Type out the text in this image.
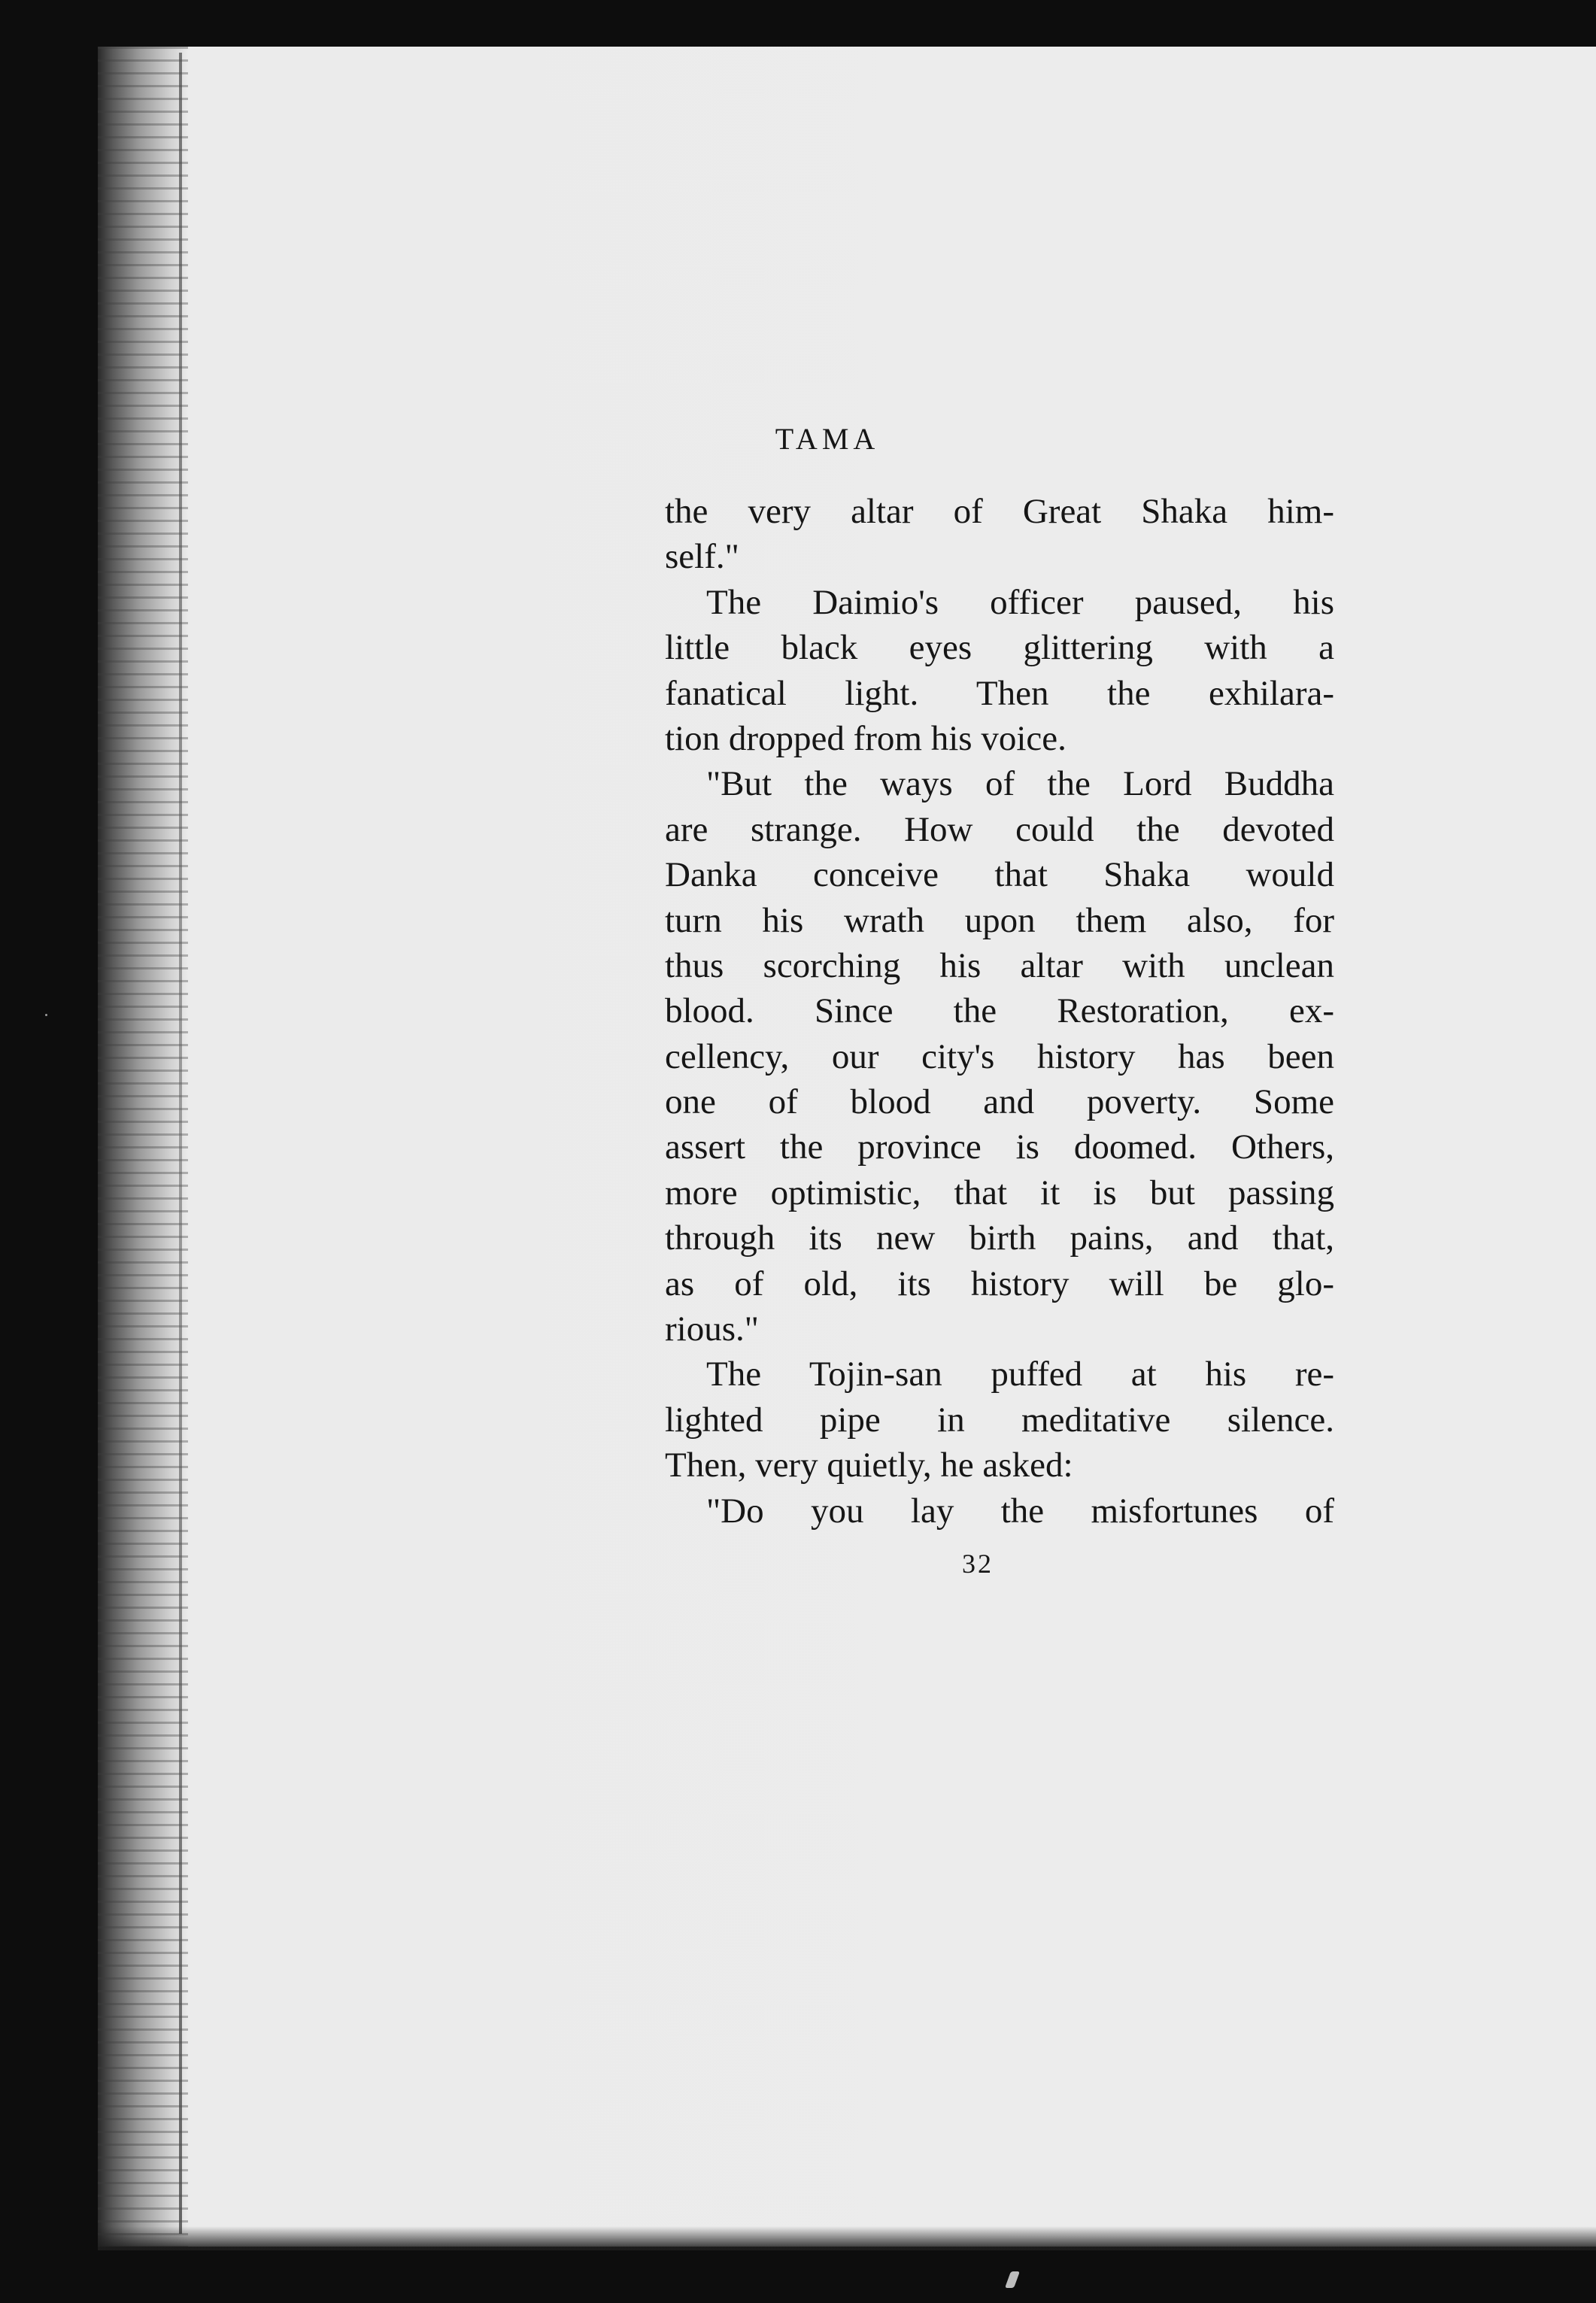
TAMA
the very altar of Great Shaka him-
self."
The Daimio's officer paused, his
little black eyes glittering with a
fanatical light. Then the exhilara-
tion dropped from his voice.
"But the ways of the Lord Buddha
are strange. How could the devoted
Danka conceive that Shaka would
turn his wrath upon them also, for
thus scorching his altar with unclean
blood. Since the Restoration, ex-
cellency, our city's history has been
one of blood and poverty. Some
assert the province is doomed. Others,
more optimistic, that it is but passing
through its new birth pains, and that,
as of old, its history will be glo-
rious."
The Tojin-san puffed at his re-
lighted pipe in meditative silence.
Then, very quietly, he asked:
"Do you lay the misfortunes of
32
